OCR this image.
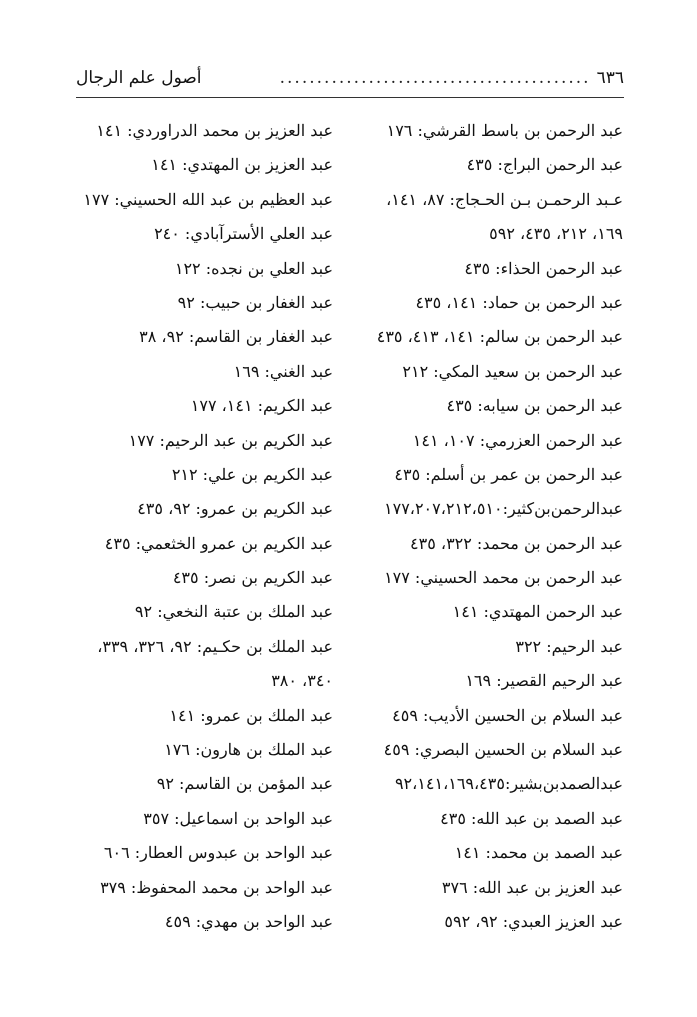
٦٣٦
..........................................
أصول علم الرجال
عبد الرحمن بن باسط القرشي: ١٧٦
عبد الرحمن البراج: ٤٣٥
عـبد الرحمـن بـن الحـجاج: ٨٧، ١٤١،
١٦٩، ٢١٢، ٤٣٥، ٥٩٢
عبد الرحمن الحذاء: ٤٣٥
عبد الرحمن بن حماد: ١٤١، ٤٣٥
عبد الرحمن بن سالم: ١٤١، ٤١٣، ٤٣٥
عبد الرحمن بن سعيد المكي: ٢١٢
عبد الرحمن بن سيابه: ٤٣٥
عبد الرحمن العزرمي: ١٠٧، ١٤١
عبد الرحمن بن عمر بن أسلم: ٤٣٥
عبدالرحمن‌بن‌كثير:١٧٧،٢٠٧،٢١٢،٥١٠
عبد الرحمن بن محمد: ٣٢٢، ٤٣٥
عبد الرحمن بن محمد الحسيني: ١٧٧
عبد الرحمن المهتدي: ١٤١
عبد الرحيم: ٣٢٢
عبد الرحيم القصير: ١٦٩
عبد السلام بن الحسين الأديب: ٤٥٩
عبد السلام بن الحسين البصري: ٤٥٩
عبدالصمدبن‌بشير:٩٢،١٤١،١٦٩،٤٣٥
عبد الصمد بن عبد الله: ٤٣٥
عبد الصمد بن محمد: ١٤١
عبد العزيز بن عبد الله: ٣٧٦
عبد العزيز العبدي: ٩٢، ٥٩٢
عبد العزيز بن محمد الدراوردي: ١٤١
عبد العزيز بن المهتدي: ١٤١
عبد العظيم بن عبد الله الحسيني: ١٧٧
عبد العلي الأسترآبادي: ٢٤٠
عبد العلي بن نجده: ١٢٢
عبد الغفار بن حبيب: ٩٢
عبد الغفار بن القاسم: ٩٢، ٣٨
عبد الغني: ١٦٩
عبد الكريم: ١٤١، ١٧٧
عبد الكريم بن عبد الرحيم: ١٧٧
عبد الكريم بن علي: ٢١٢
عبد الكريم بن عمرو: ٩٢، ٤٣٥
عبد الكريم بن عمرو الخثعمي: ٤٣٥
عبد الكريم بن نصر: ٤٣٥
عبد الملك بن عتبة النخعي: ٩٢
عبد الملك بن حكـيم: ٩٢، ٣٢٦، ٣٣٩،
٣٤٠، ٣٨٠
عبد الملك بن عمرو: ١٤١
عبد الملك بن هارون: ١٧٦
عبد المؤمن بن القاسم: ٩٢
عبد الواحد بن اسماعيل: ٣٥٧
عبد الواحد بن عبدوس العطار: ٦٠٦
عبد الواحد بن محمد المحفوظ: ٣٧٩
عبد الواحد بن مهدي: ٤٥٩
